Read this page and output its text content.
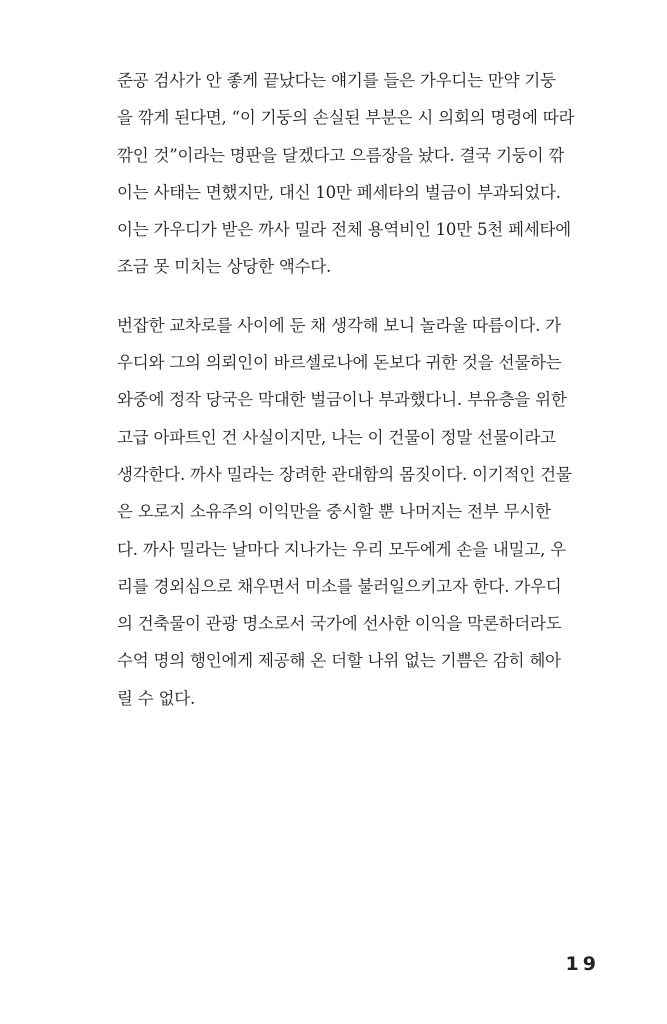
준공 검사가 안 좋게 끝났다는 얘기를 들은 가우디는 만약 기둥
을 깎게 된다면, “이 기둥의 손실된 부분은 시 의회의 명령에 따라
깎인 것”이라는 명판을 달겠다고 으름장을 놨다. 결국 기둥이 깎
이는 사태는 면했지만, 대신 10만 페세타의 벌금이 부과되었다.
이는 가우디가 받은 까사 밀라 전체 용역비인 10만 5천 페세타에
조금 못 미치는 상당한 액수다.

번잡한 교차로를 사이에 둔 채 생각해 보니 놀라울 따름이다. 가
우디와 그의 의뢰인이 바르셀로나에 돈보다 귀한 것을 선물하는
와중에 정작 당국은 막대한 벌금이나 부과했다니. 부유층을 위한
고급 아파트인 건 사실이지만, 나는 이 건물이 정말 선물이라고
생각한다. 까사 밀라는 장려한 관대함의 몸짓이다. 이기적인 건물
은 오로지 소유주의 이익만을 중시할 뿐 나머지는 전부 무시한
다. 까사 밀라는 날마다 지나가는 우리 모두에게 손을 내밀고, 우
리를 경외심으로 채우면서 미소를 불러일으키고자 한다. 가우디
의 건축물이 관광 명소로서 국가에 선사한 이익을 막론하더라도
수억 명의 행인에게 제공해 온 더할 나위 없는 기쁨은 감히 헤아
릴 수 없다.

19
